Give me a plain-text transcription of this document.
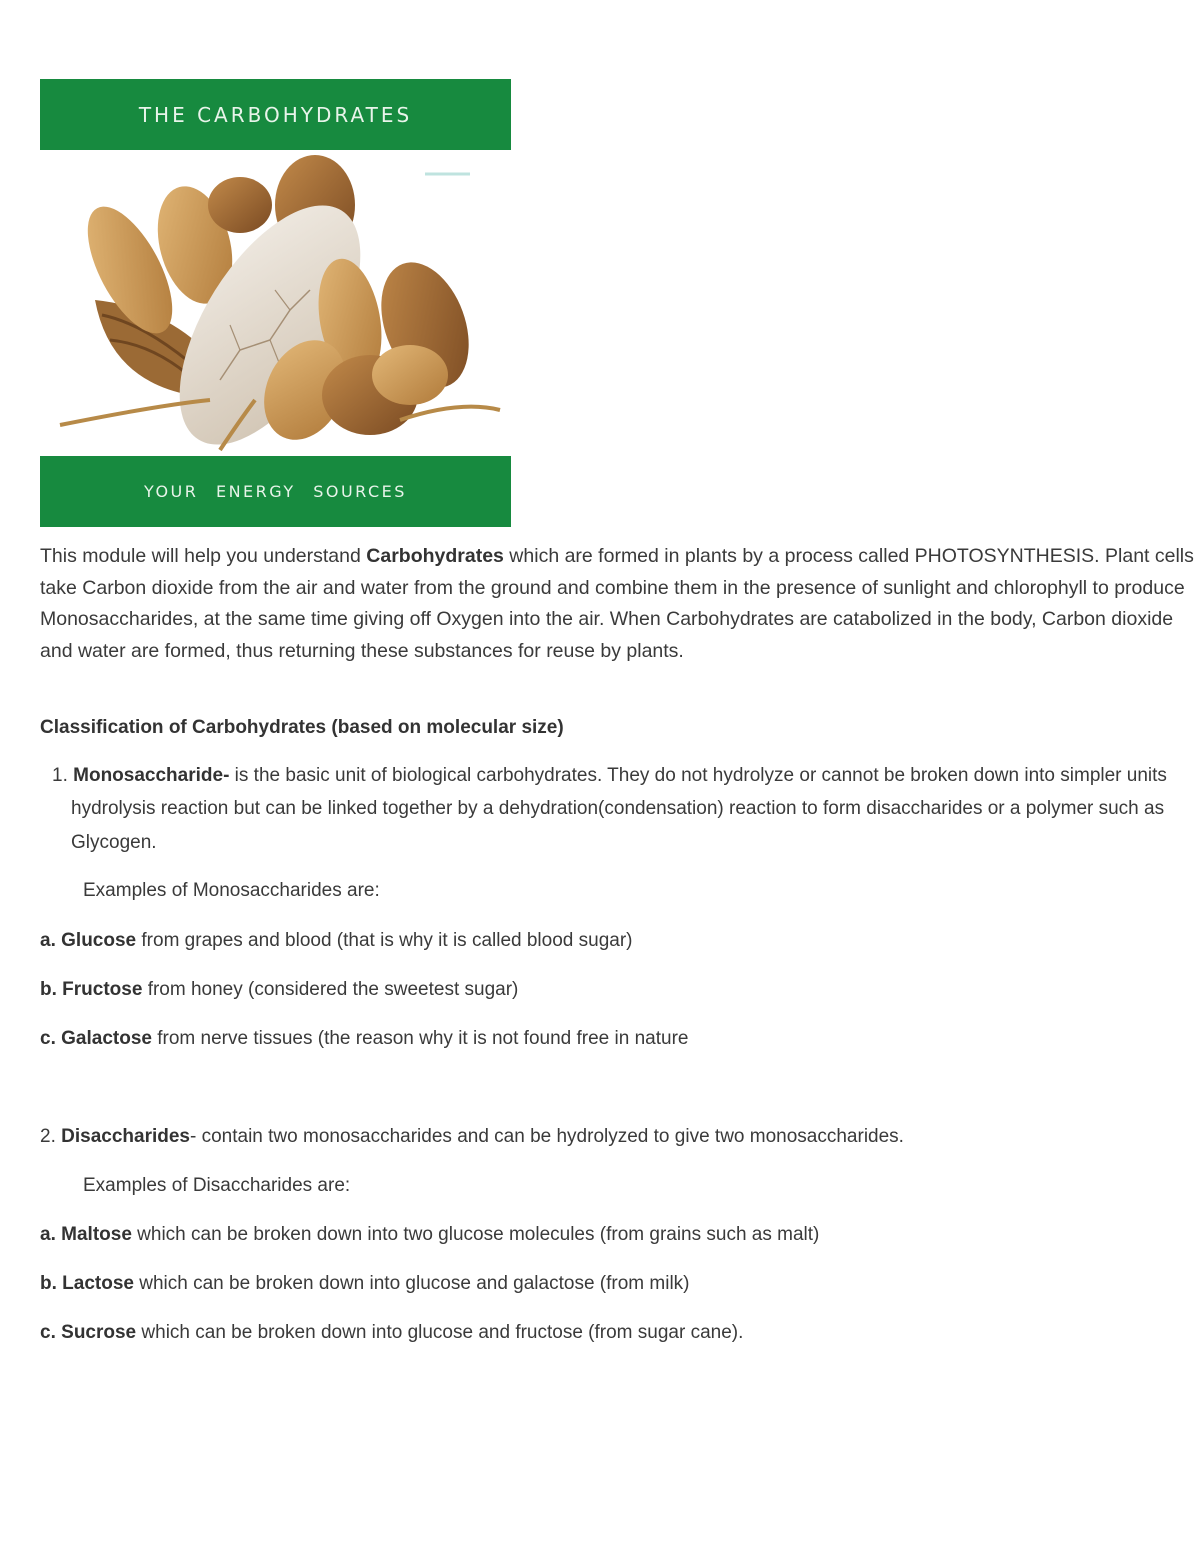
THE CARBOHYDRATES
YOUR ENERGY SOURCES

This module will help you understand Carbohydrates which are formed in plants by a process called PHOTOSYNTHESIS. Plant cells take Carbon dioxide from the air and water from the ground and combine them in the presence of sunlight and chlorophyll to produce Monosaccharides, at the same time giving off Oxygen into the air. When Carbohydrates are catabolized in the body, Carbon dioxide and water are formed, thus returning these substances for reuse by plants.

Classification of Carbohydrates (based on molecular size)
1. Monosaccharide- is the basic unit of biological carbohydrates. They do not hydrolyze or cannot be broken down into simpler units
hydrolysis reaction but can be linked together by a dehydration(condensation) reaction to form disaccharides or a polymer such as
Glycogen.
Examples of Monosaccharides are:
a. Glucose from grapes and blood (that is why it is called blood sugar)
b. Fructose from honey (considered the sweetest sugar)
c. Galactose from nerve tissues (the reason why it is not found free in nature
2. Disaccharides- contain two monosaccharides and can be hydrolyzed to give two monosaccharides.
Examples of Disaccharides are:
a. Maltose which can be broken down into two glucose molecules (from grains such as malt)
b. Lactose which can be broken down into glucose and galactose (from milk)
c. Sucrose which can be broken down into glucose and fructose (from sugar cane).
